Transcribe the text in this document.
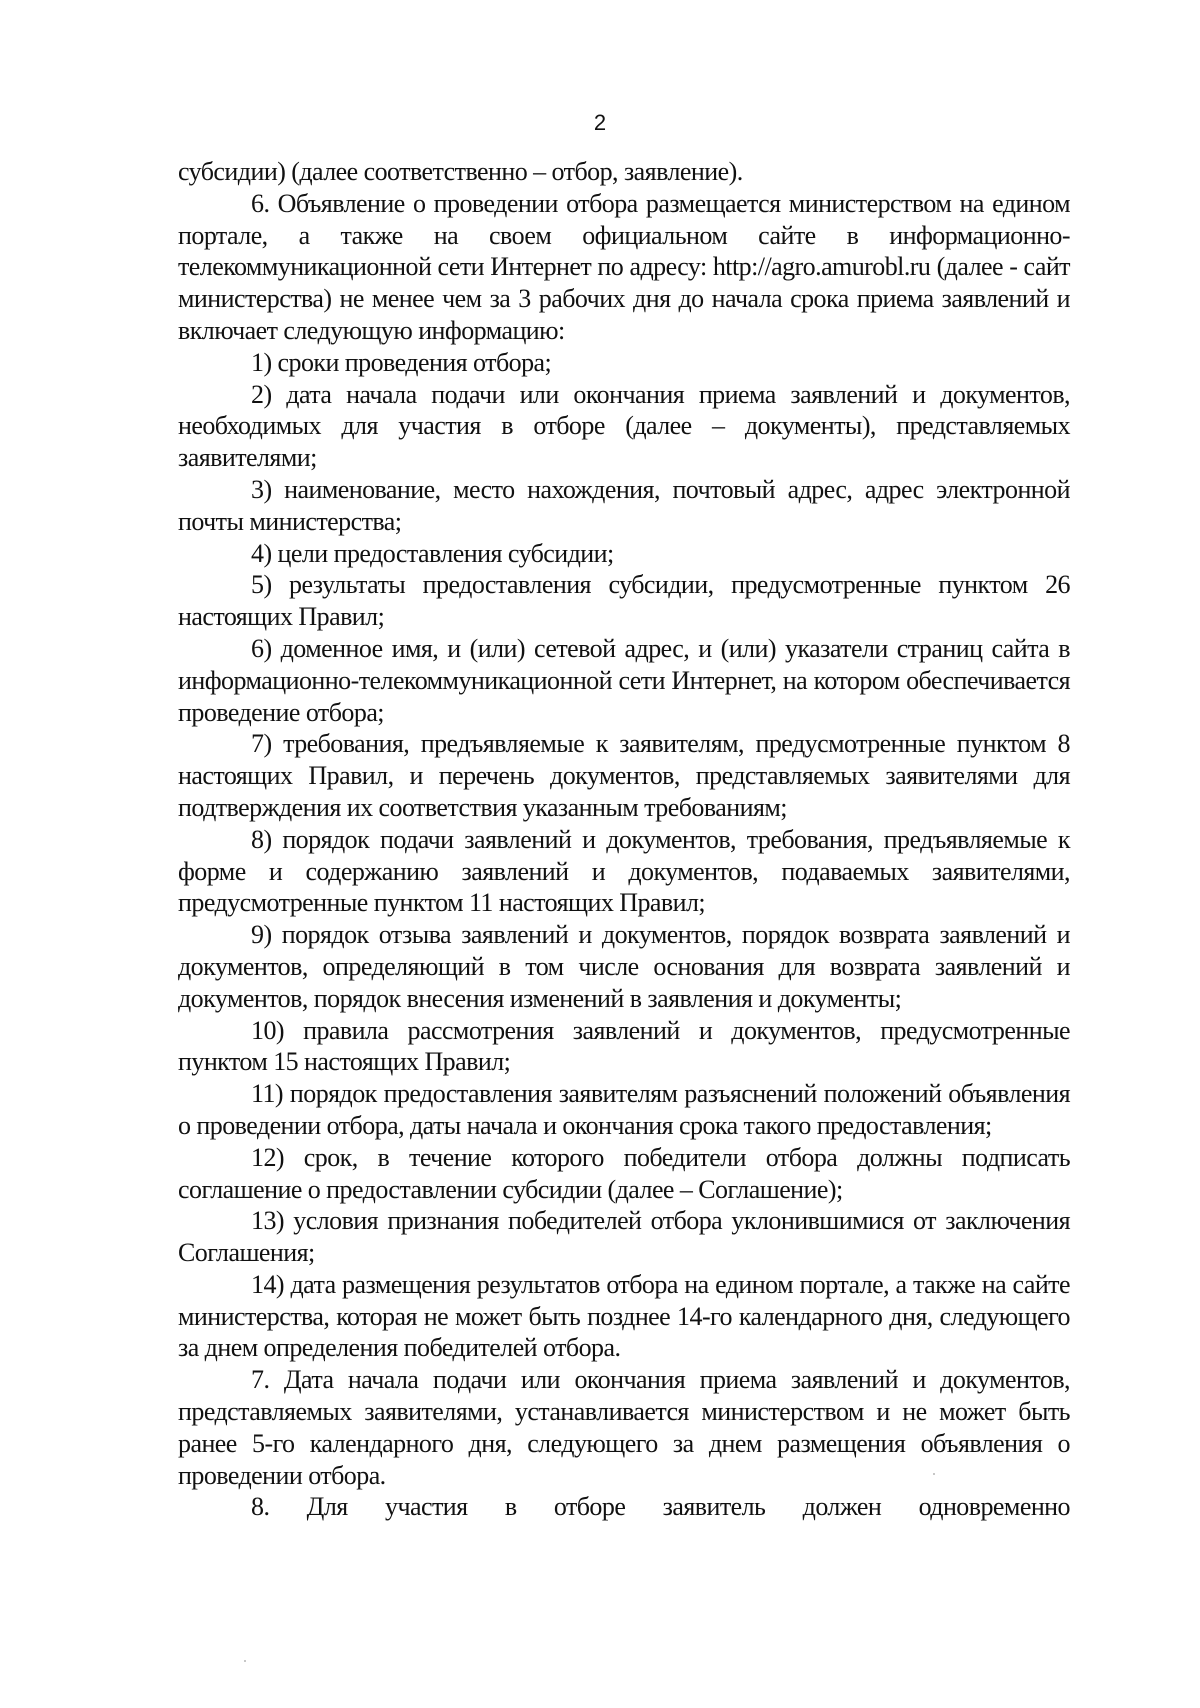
2

субсидии) (далее соответственно – отбор, заявление).

6. Объявление о проведении отбора размещается министерством на едином портале, а также на своем официальном сайте в информационно-телекоммуникационной сети Интернет по адресу: http://agro.amurobl.ru (далее - сайт министерства) не менее чем за 3 рабочих дня до начала срока приема заявлений и включает следующую информацию:

1) сроки проведения отбора;

2) дата начала подачи или окончания приема заявлений и документов, необходимых для участия в отборе (далее – документы), представляемых заявителями;

3) наименование, место нахождения, почтовый адрес, адрес электронной почты министерства;

4) цели предоставления субсидии;

5) результаты предоставления субсидии, предусмотренные пунктом 26 настоящих Правил;

6) доменное имя, и (или) сетевой адрес, и (или) указатели страниц сайта в информационно-телекоммуникационной сети Интернет, на котором обеспечивается проведение отбора;

7) требования, предъявляемые к заявителям, предусмотренные пунктом 8 настоящих Правил, и перечень документов, представляемых заявителями для подтверждения их соответствия указанным требованиям;

8) порядок подачи заявлений и документов, требования, предъявляемые к форме и содержанию заявлений и документов, подаваемых заявителями, предусмотренные пунктом 11 настоящих Правил;

9) порядок отзыва заявлений и документов, порядок возврата заявлений и документов, определяющий в том числе основания для возврата заявлений и документов, порядок внесения изменений в заявления и документы;

10) правила рассмотрения заявлений и документов, предусмотренные пунктом 15 настоящих Правил;

11) порядок предоставления заявителям разъяснений положений объявления о проведении отбора, даты начала и окончания срока такого предоставления;

12) срок, в течение которого победители отбора должны подписать соглашение о предоставлении субсидии (далее – Соглашение);

13) условия признания победителей отбора уклонившимися от заключения Соглашения;

14) дата размещения результатов отбора на едином портале, а также на сайте министерства, которая не может быть позднее 14-го календарного дня, следующего за днем определения победителей отбора.

7. Дата начала подачи или окончания приема заявлений и документов, представляемых заявителями, устанавливается министерством и не может быть ранее 5-го календарного дня, следующего за днем размещения объявления о проведении отбора.

8. Для участия в отборе заявитель должен одновременно
